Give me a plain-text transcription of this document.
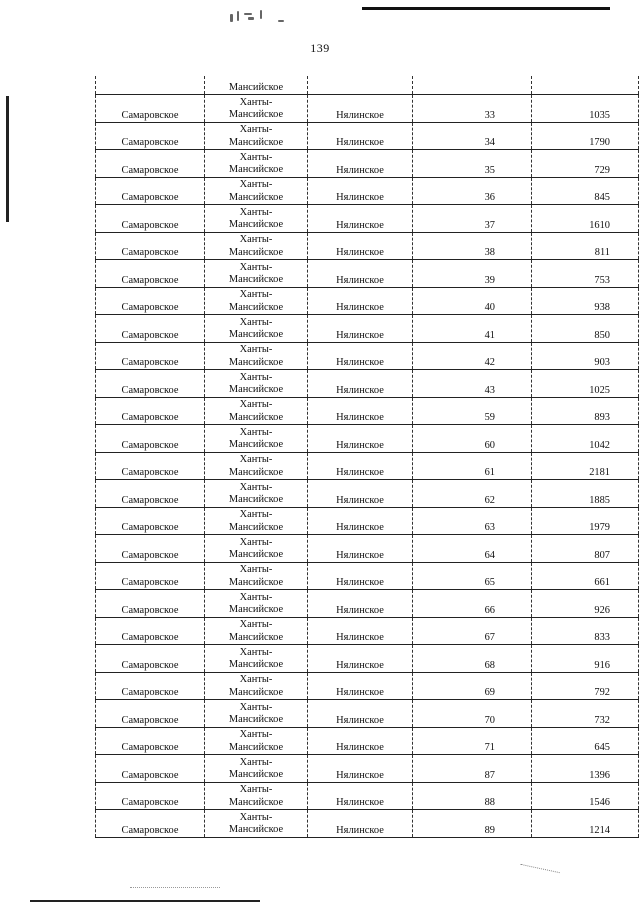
139

	Мансийское			

Самаровское	Ханты-
Мансийское	Нялинское	33	1035
Самаровское	Ханты-
Мансийское	Нялинское	34	1790
Самаровское	Ханты-
Мансийское	Нялинское	35	729
Самаровское	Ханты-
Мансийское	Нялинское	36	845
Самаровское	Ханты-
Мансийское	Нялинское	37	1610
Самаровское	Ханты-
Мансийское	Нялинское	38	811
Самаровское	Ханты-
Мансийское	Нялинское	39	753
Самаровское	Ханты-
Мансийское	Нялинское	40	938
Самаровское	Ханты-
Мансийское	Нялинское	41	850
Самаровское	Ханты-
Мансийское	Нялинское	42	903
Самаровское	Ханты-
Мансийское	Нялинское	43	1025
Самаровское	Ханты-
Мансийское	Нялинское	59	893
Самаровское	Ханты-
Мансийское	Нялинское	60	1042
Самаровское	Ханты-
Мансийское	Нялинское	61	2181
Самаровское	Ханты-
Мансийское	Нялинское	62	1885
Самаровское	Ханты-
Мансийское	Нялинское	63	1979
Самаровское	Ханты-
Мансийское	Нялинское	64	807
Самаровское	Ханты-
Мансийское	Нялинское	65	661
Самаровское	Ханты-
Мансийское	Нялинское	66	926
Самаровское	Ханты-
Мансийское	Нялинское	67	833
Самаровское	Ханты-
Мансийское	Нялинское	68	916
Самаровское	Ханты-
Мансийское	Нялинское	69	792
Самаровское	Ханты-
Мансийское	Нялинское	70	732
Самаровское	Ханты-
Мансийское	Нялинское	71	645
Самаровское	Ханты-
Мансийское	Нялинское	87	1396
Самаровское	Ханты-
Мансийское	Нялинское	88	1546
Самаровское	Ханты-
Мансийское	Нялинское	89	1214
